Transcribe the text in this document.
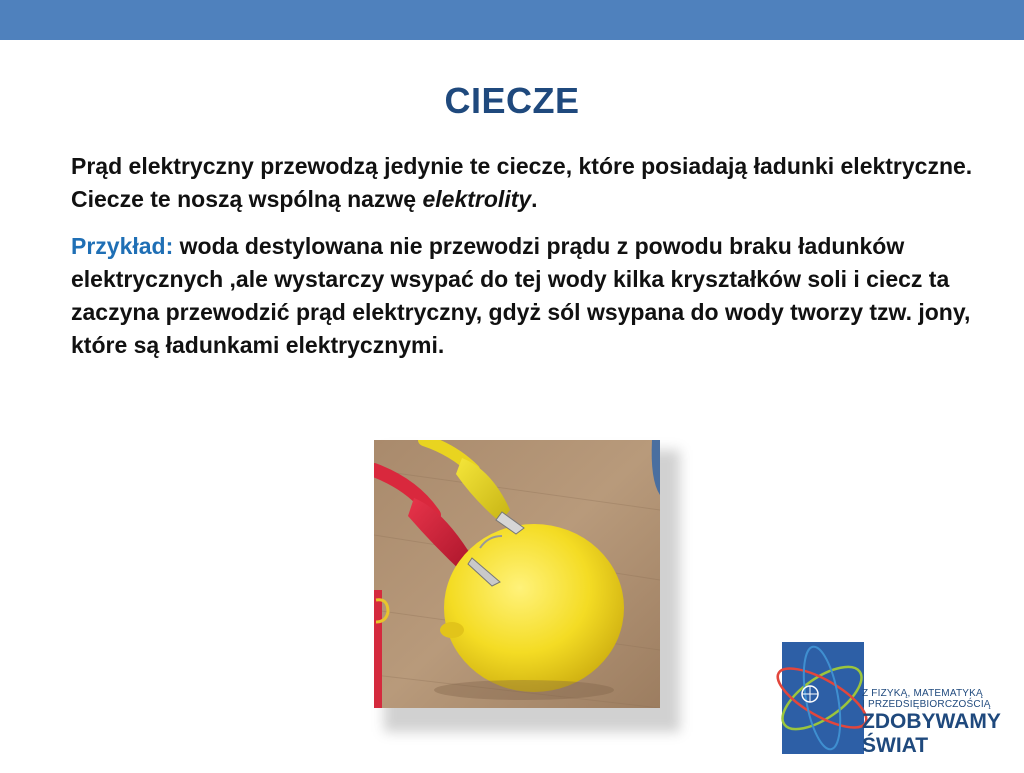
CIECZE

Prąd elektryczny przewodzą jedynie te ciecze, które posiadają ładunki elektryczne. Ciecze te noszą wspólną nazwę elektrolity.

Przykład: woda destylowana nie przewodzi prądu z powodu braku ładunków elektrycznych ,ale wystarczy wsypać do tej wody kilka kryształków soli i ciecz ta zaczyna przewodzić prąd elektryczny, gdyż sól wsypana do wody tworzy tzw. jony, które są ładunkami elektrycznymi.

Z FIZYKĄ, MATEMATYKĄ
I PRZEDSIĘBIORCZOŚCIĄ
ZDOBYWAMY
ŚWIAT
